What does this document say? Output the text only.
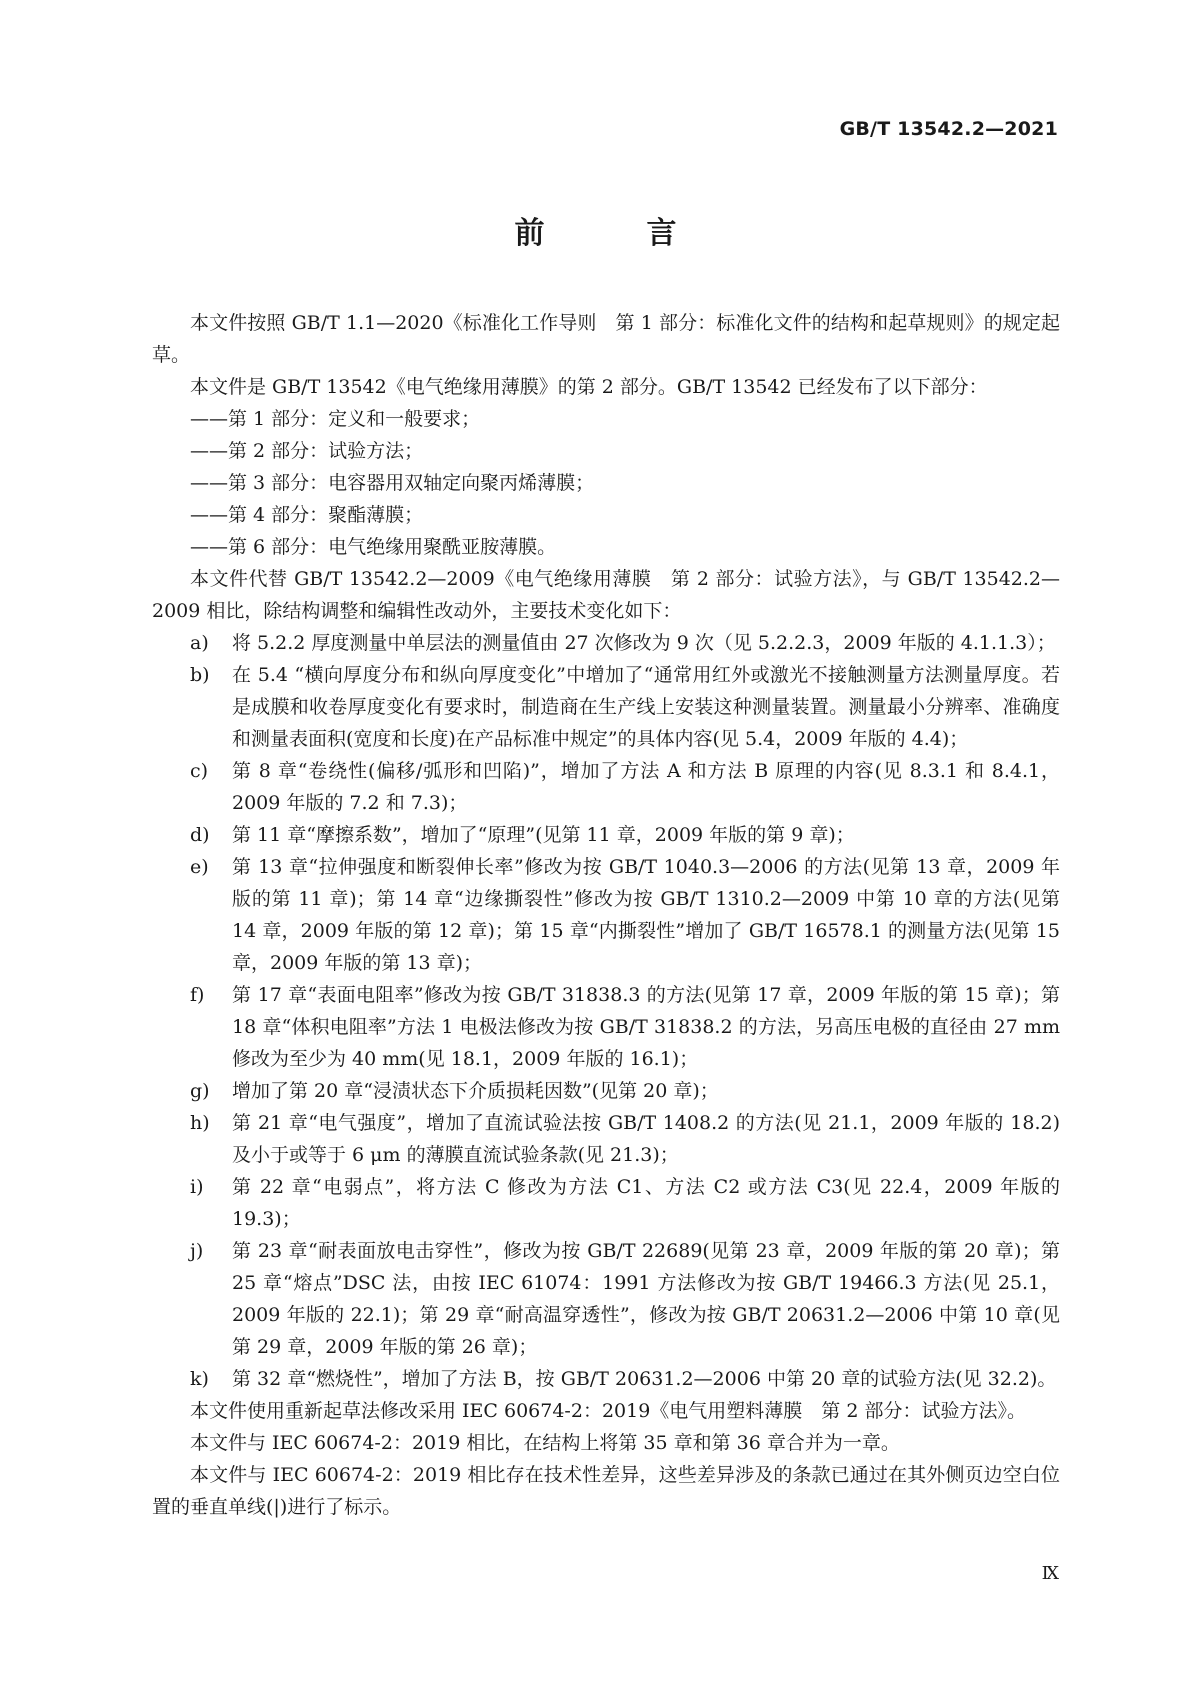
GB/T 13542.2—2021
前　言

本文件按照 GB/T 1.1—2020《标准化工作导则　第 1 部分：标准化文件的结构和起草规则》的规定起草。

本文件是 GB/T 13542《电气绝缘用薄膜》的第 2 部分。GB/T 13542 已经发布了以下部分：

——第 1 部分：定义和一般要求；

——第 2 部分：试验方法；

——第 3 部分：电容器用双轴定向聚丙烯薄膜；

——第 4 部分：聚酯薄膜；

——第 6 部分：电气绝缘用聚酰亚胺薄膜。

本文件代替 GB/T 13542.2—2009《电气绝缘用薄膜　第 2 部分：试验方法》，与 GB/T 13542.2—2009 相比，除结构调整和编辑性改动外，主要技术变化如下：

a)	将 5.2.2 厚度测量中单层法的测量值由 27 次修改为 9 次（见 5.2.2.3，2009 年版的 4.1.1.3）；
b)	在 5.4 “横向厚度分布和纵向厚度变化”中增加了“通常用红外或激光不接触测量方法测量厚度。若是成膜和收卷厚度变化有要求时，制造商在生产线上安装这种测量装置。测量最小分辨率、准确度和测量表面积(宽度和长度)在产品标准中规定”的具体内容(见 5.4，2009 年版的 4.4)；
c)	第 8 章“卷绕性(偏移/弧形和凹陷)”，增加了方法 A 和方法 B 原理的内容(见 8.3.1 和 8.4.1，2009 年版的 7.2 和 7.3)；
d)	第 11 章“摩擦系数”，增加了“原理”(见第 11 章，2009 年版的第 9 章)；
e)	第 13 章“拉伸强度和断裂伸长率”修改为按 GB/T 1040.3—2006 的方法(见第 13 章，2009 年版的第 11 章)；第 14 章“边缘撕裂性”修改为按 GB/T 1310.2—2009 中第 10 章的方法(见第 14 章，2009 年版的第 12 章)；第 15 章“内撕裂性”增加了 GB/T 16578.1 的测量方法(见第 15 章，2009 年版的第 13 章)；
f)	第 17 章“表面电阻率”修改为按 GB/T 31838.3 的方法(见第 17 章，2009 年版的第 15 章)；第 18 章“体积电阻率”方法 1 电极法修改为按 GB/T 31838.2 的方法，另高压电极的直径由 27 mm修改为至少为 40 mm(见 18.1，2009 年版的 16.1)；
g)	增加了第 20 章“浸渍状态下介质损耗因数”(见第 20 章)；
h)	第 21 章“电气强度”，增加了直流试验法按 GB/T 1408.2 的方法(见 21.1，2009 年版的 18.2)及小于或等于 6 μm 的薄膜直流试验条款(见 21.3)；
i)	第 22 章“电弱点”，将方法 C 修改为方法 C1、方法 C2 或方法 C3(见 22.4，2009 年版的 19.3)；
j)	第 23 章“耐表面放电击穿性”，修改为按 GB/T 22689(见第 23 章，2009 年版的第 20 章)；第 25 章“熔点”DSC 法，由按 IEC 61074：1991 方法修改为按 GB/T 19466.3 方法(见 25.1，2009 年版的 22.1)；第 29 章“耐高温穿透性”，修改为按 GB/T 20631.2—2006 中第 10 章(见第 29 章，2009 年版的第 26 章)；
k)	第 32 章“燃烧性”，增加了方法 B，按 GB/T 20631.2—2006 中第 20 章的试验方法(见 32.2)。

本文件使用重新起草法修改采用 IEC 60674-2：2019《电气用塑料薄膜　第 2 部分：试验方法》。

本文件与 IEC 60674-2：2019 相比，在结构上将第 35 章和第 36 章合并为一章。

本文件与 IEC 60674-2：2019 相比存在技术性差异，这些差异涉及的条款已通过在其外侧页边空白位置的垂直单线(|)进行了标示。

Ⅸ
